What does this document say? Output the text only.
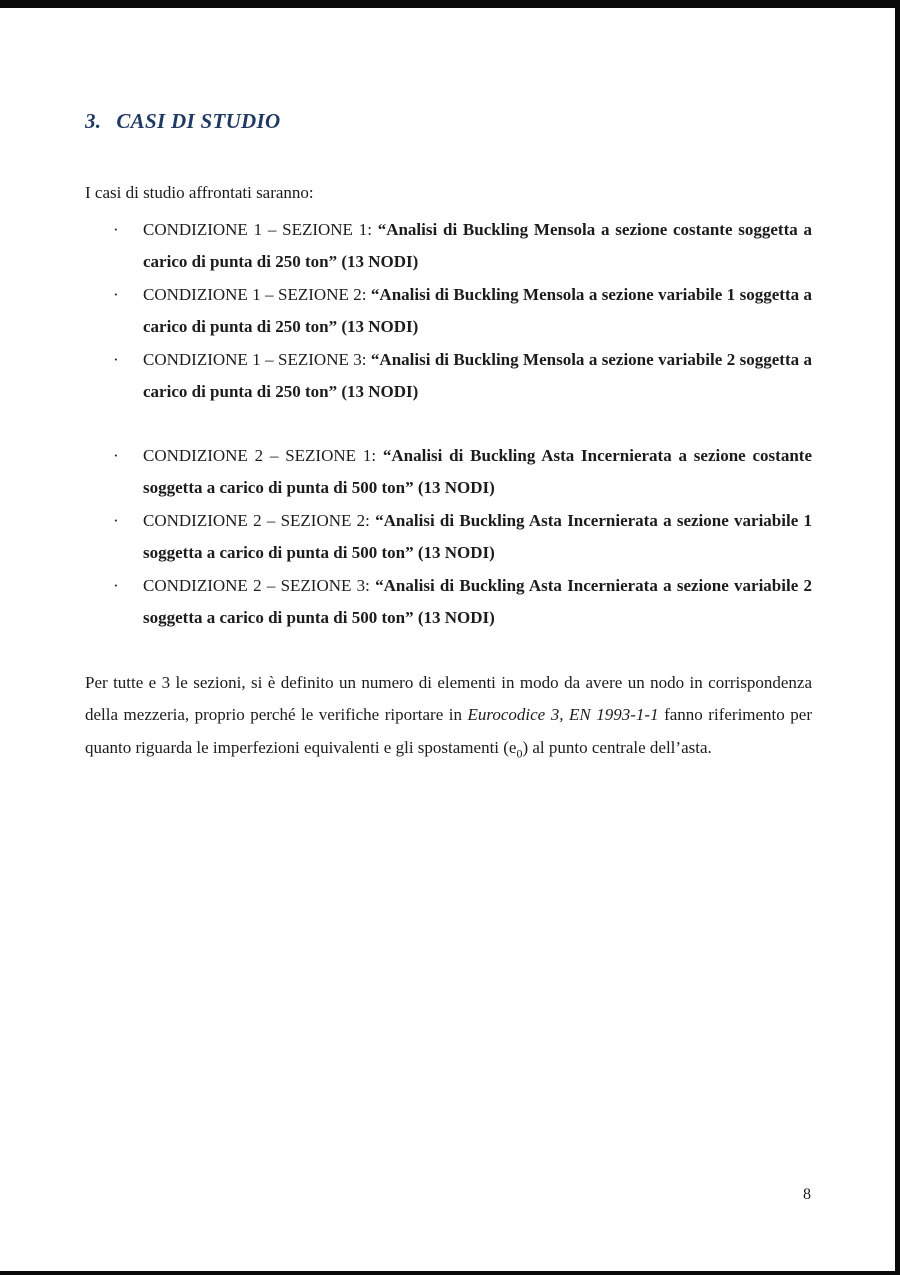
3. CASI DI STUDIO

I casi di studio affrontati saranno:

· CONDIZIONE 1 – SEZIONE 1: “Analisi di Buckling Mensola a sezione costante soggetta a carico di punta di 250 ton” (13 NODI)
· CONDIZIONE 1 – SEZIONE 2: “Analisi di Buckling Mensola a sezione variabile 1 soggetta a carico di punta di 250 ton” (13 NODI)
· CONDIZIONE 1 – SEZIONE 3: “Analisi di Buckling Mensola a sezione variabile 2 soggetta a carico di punta di 250 ton” (13 NODI)
· CONDIZIONE 2 – SEZIONE 1: “Analisi di Buckling Asta Incernierata a sezione costante soggetta a carico di punta di 500 ton” (13 NODI)
· CONDIZIONE 2 – SEZIONE 2: “Analisi di Buckling Asta Incernierata a sezione variabile 1 soggetta a carico di punta di 500 ton” (13 NODI)
· CONDIZIONE 2 – SEZIONE 3: “Analisi di Buckling Asta Incernierata a sezione variabile 2 soggetta a carico di punta di 500 ton” (13 NODI)

Per tutte e 3 le sezioni, si è definito un numero di elementi in modo da avere un nodo in corrispondenza della mezzeria, proprio perché le verifiche riportare in Eurocodice 3, EN 1993-1-1 fanno riferimento per quanto riguarda le imperfezioni equivalenti e gli spostamenti $(e_0)$ al punto centrale dell’asta.

8
